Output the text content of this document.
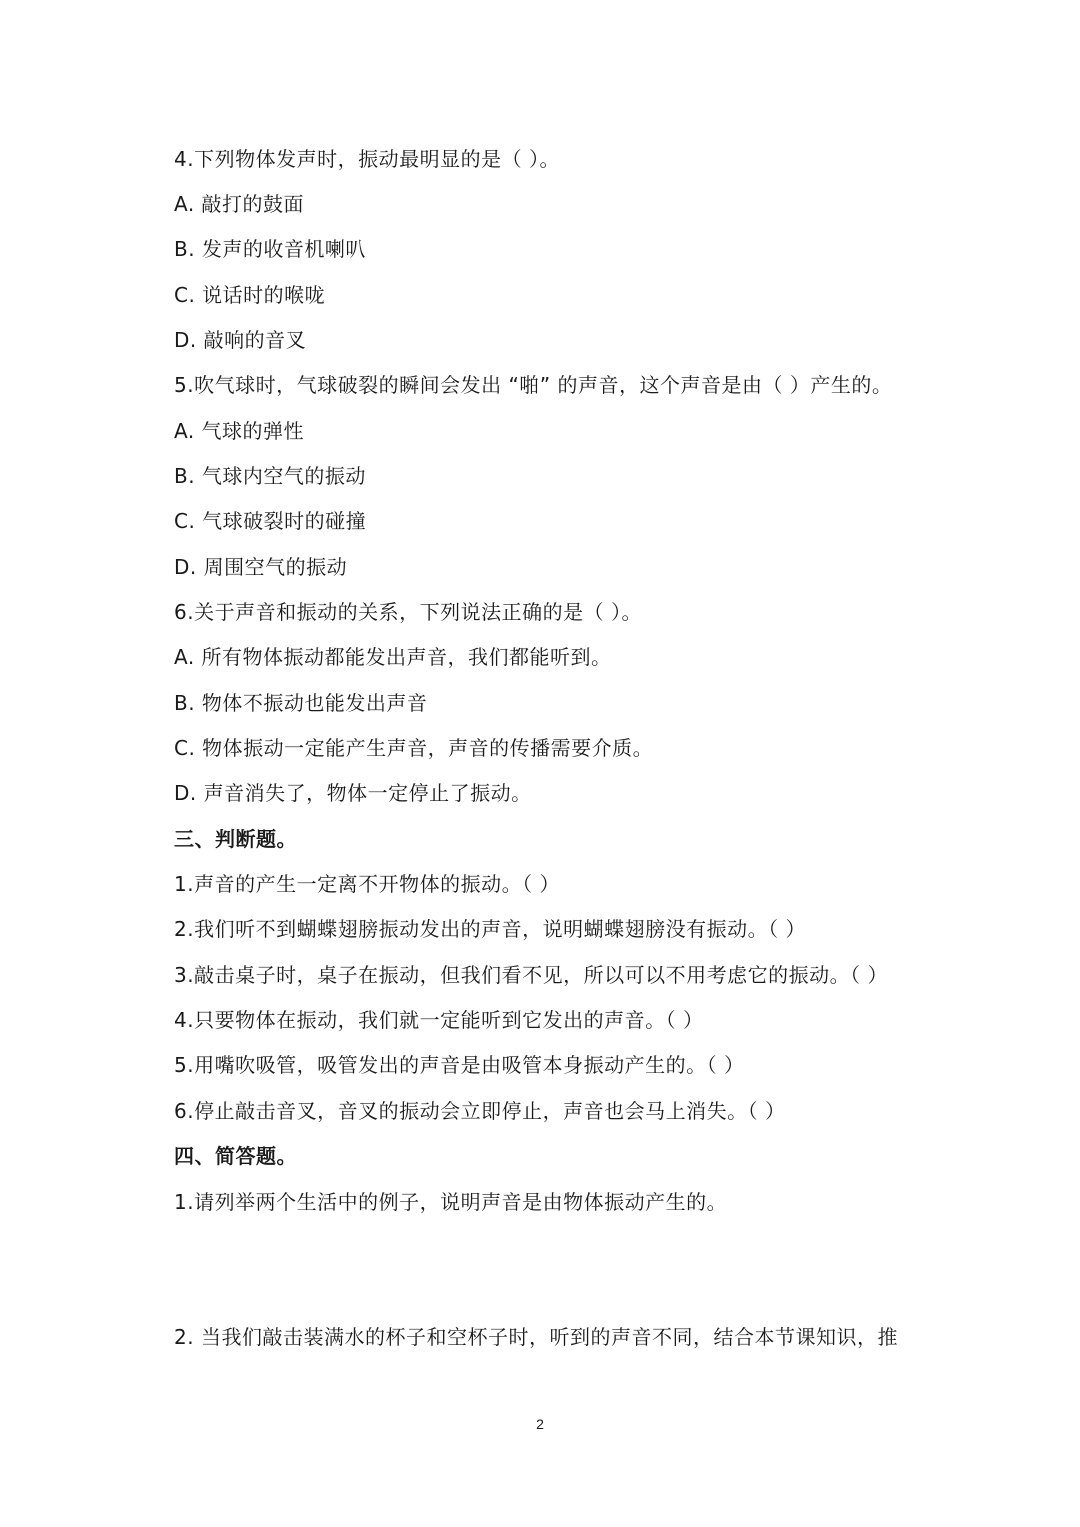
4.下列物体发声时，振动最明显的是（ ）。
A. 敲打的鼓面
B. 发声的收音机喇叭
C. 说话时的喉咙
D. 敲响的音叉
5.吹气球时，气球破裂的瞬间会发出 “啪” 的声音，这个声音是由（ ）产生的。
A. 气球的弹性
B. 气球内空气的振动
C. 气球破裂时的碰撞
D. 周围空气的振动
6.关于声音和振动的关系，下列说法正确的是（ ）。
A. 所有物体振动都能发出声音，我们都能听到。
B. 物体不振动也能发出声音
C. 物体振动一定能产生声音，声音的传播需要介质。
D. 声音消失了，物体一定停止了振动。
三、判断题。
1.声音的产生一定离不开物体的振动。（ ）
2.我们听不到蝴蝶翅膀振动发出的声音，说明蝴蝶翅膀没有振动。（ ）
3.敲击桌子时，桌子在振动，但我们看不见，所以可以不用考虑它的振动。（ ）
4.只要物体在振动，我们就一定能听到它发出的声音。（ ）
5.用嘴吹吸管，吸管发出的声音是由吸管本身振动产生的。（ ）
6.停止敲击音叉，音叉的振动会立即停止，声音也会马上消失。（ ）
四、简答题。
1.请列举两个生活中的例子，说明声音是由物体振动产生的。
2. 当我们敲击装满水的杯子和空杯子时，听到的声音不同，结合本节课知识，推
2
